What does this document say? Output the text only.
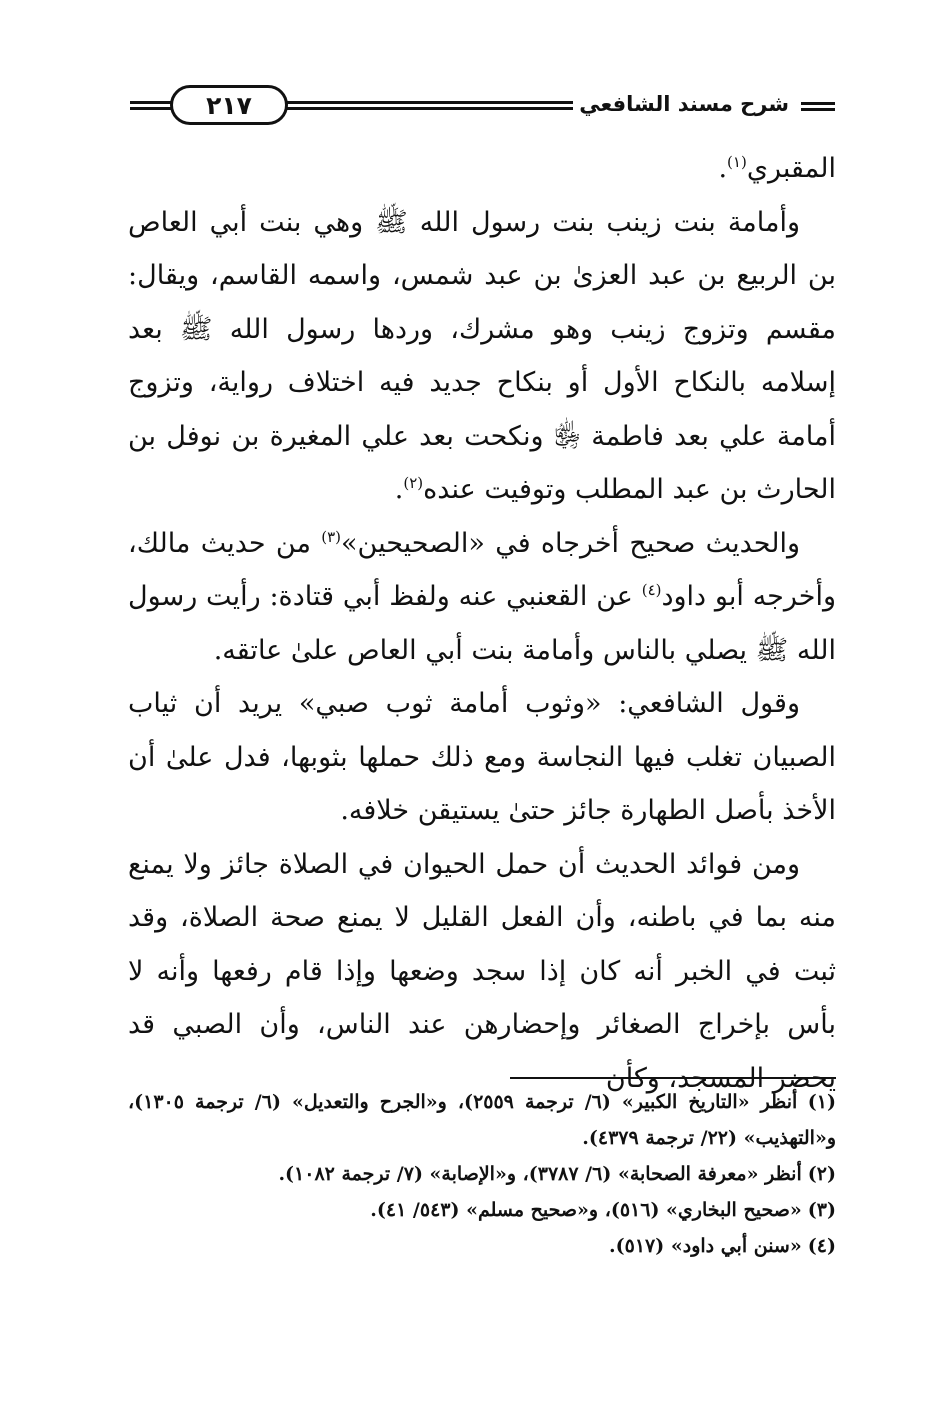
شرح مسند الشافعي
٢١٧

المقبري$^{(١)}$.

وأمامة بنت زينب بنت رسول الله ﷺ وهي بنت أبي العاص بن الربيع بن عبد العزىٰ بن عبد شمس، واسمه القاسم، ويقال: مقسم وتزوج زينب وهو مشرك، وردها رسول الله ﷺ بعد إسلامه بالنكاح الأول أو بنكاح جديد فيه اختلاف رواية، وتزوج أمامة علي بعد فاطمة ﵂ ونكحت بعد علي المغيرة بن نوفل بن الحارث بن عبد المطلب وتوفيت عنده$^{(٢)}$.

والحديث صحيح أخرجاه في «الصحيحين»$^{(٣)}$ من حديث مالك، وأخرجه أبو داود$^{(٤)}$ عن القعنبي عنه ولفظ أبي قتادة: رأيت رسول الله ﷺ يصلي بالناس وأمامة بنت أبي العاص علىٰ عاتقه.

وقول الشافعي: «وثوب أمامة ثوب صبي» يريد أن ثياب الصبيان تغلب فيها النجاسة ومع ذلك حملها بثوبها، فدل علىٰ أن الأخذ بأصل الطهارة جائز حتىٰ يستيقن خلافه.

ومن فوائد الحديث أن حمل الحيوان في الصلاة جائز ولا يمنع منه بما في باطنه، وأن الفعل القليل لا يمنع صحة الصلاة، وقد ثبت في الخبر أنه كان إذا سجد وضعها وإذا قام رفعها وأنه لا بأس بإخراج الصغائر وإحضارهن عند الناس، وأن الصبي قد يحضر المسجد، وكأن

(١) أنظر «التاريخ الكبير» (٦/ ترجمة ٢٥٥٩)، و«الجرح والتعديل» (٦/ ترجمة ١٣٠٥)، و«التهذيب» (٢٢/ ترجمة ٤٣٧٩).

(٢) أنظر «معرفة الصحابة» (٦/ ٣٧٨٧)، و«الإصابة» (٧/ ترجمة ١٠٨٢).

(٣) «صحيح البخاري» (٥١٦)، و«صحيح مسلم» (٥٤٣/ ٤١).

(٤) «سنن أبي داود» (٥١٧).
